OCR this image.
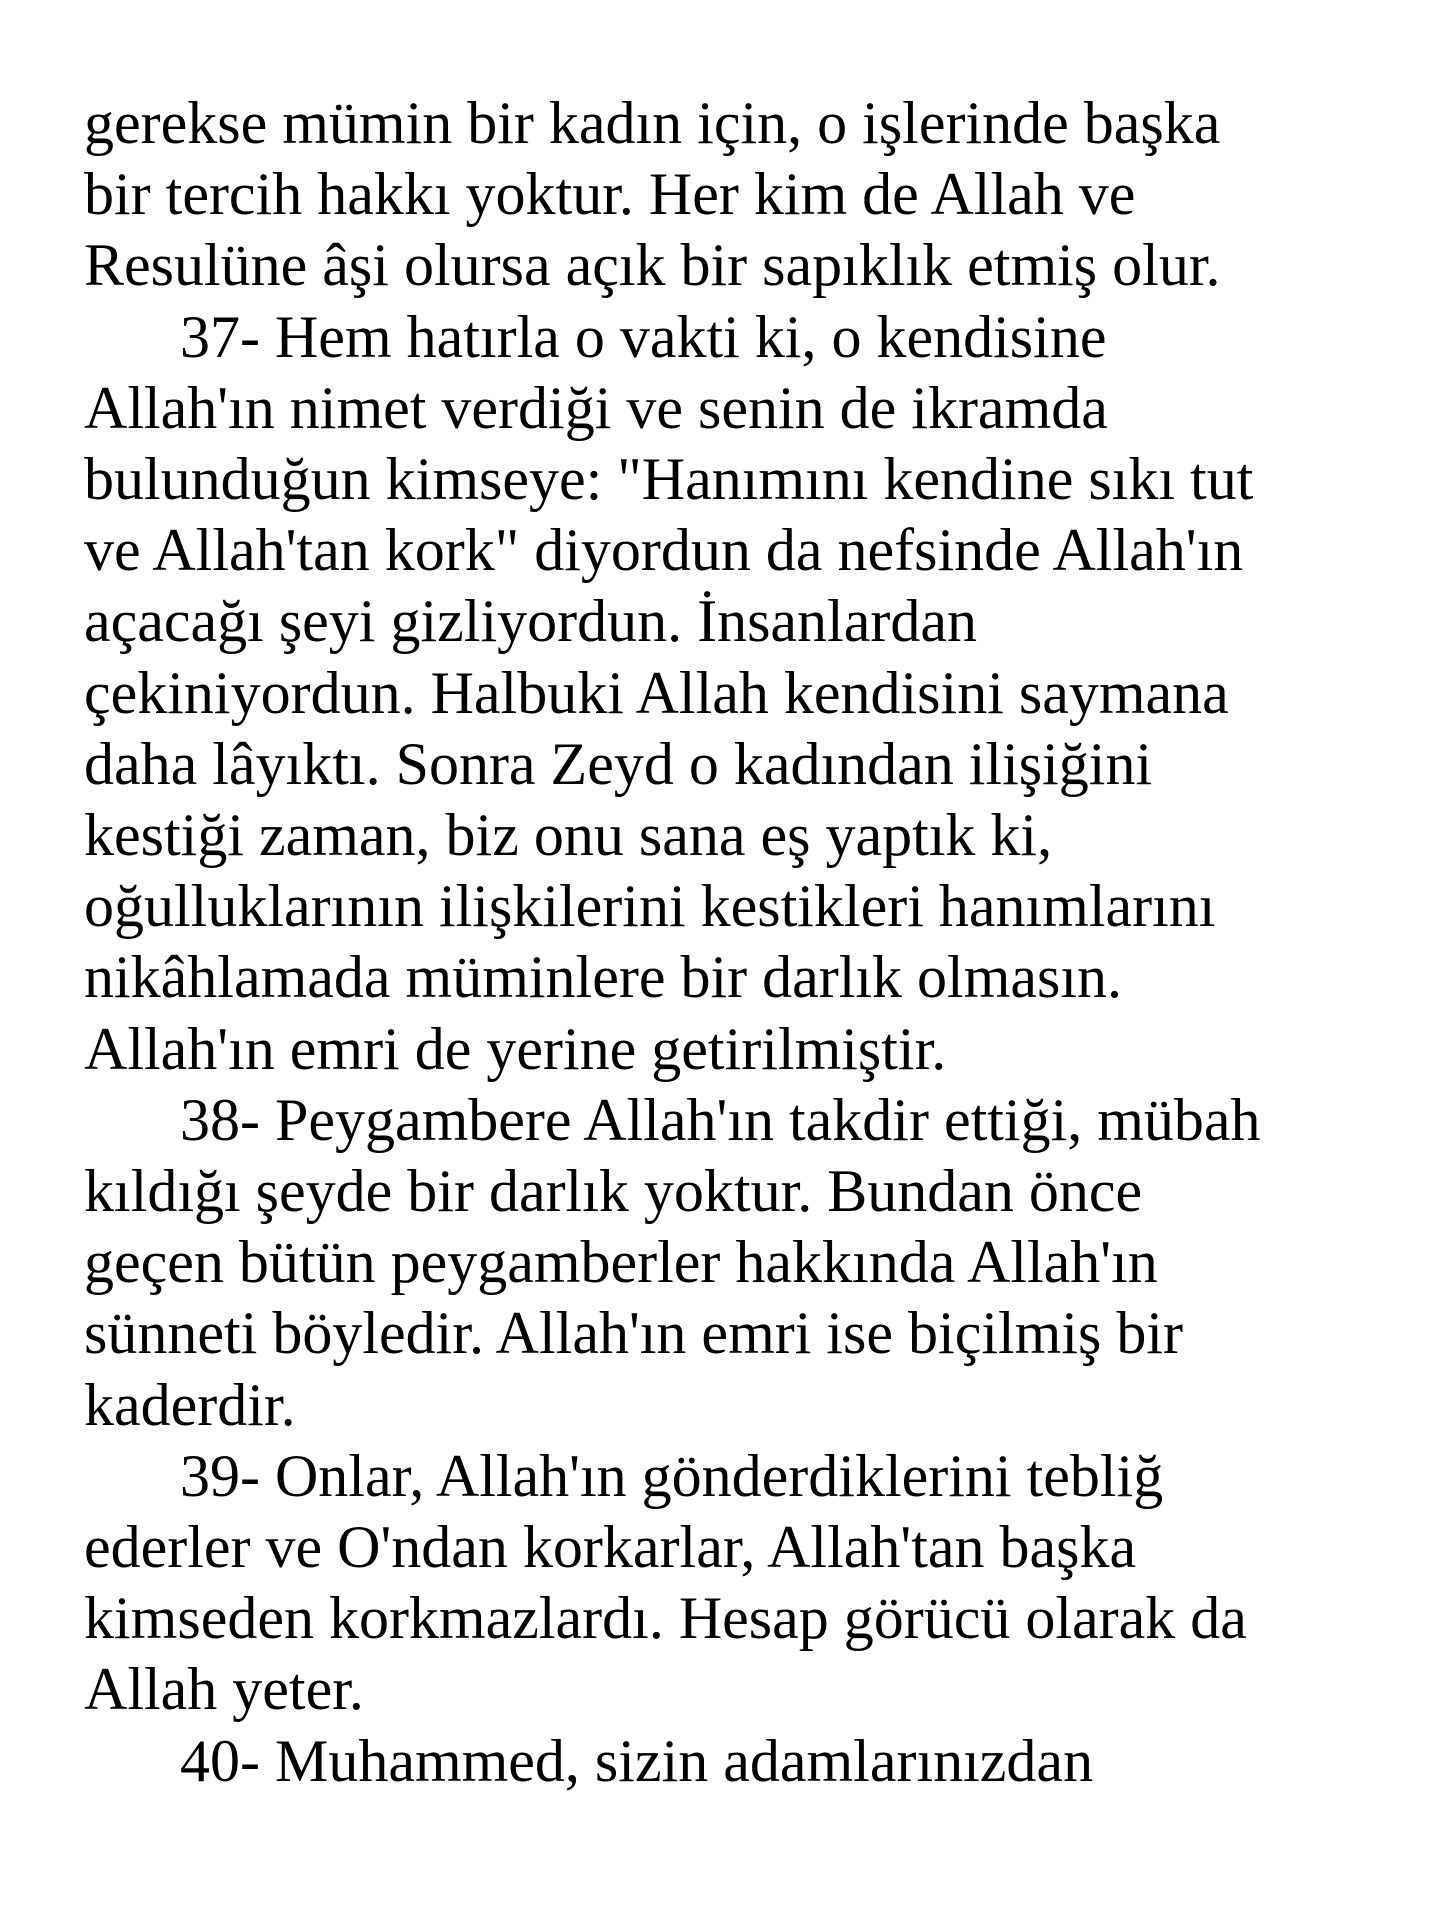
gerekse mümin bir kadın için, o işlerinde başka
bir tercih hakkı yoktur. Her kim de Allah ve
Resulüne âşi olursa açık bir sapıklık etmiş olur.
37- Hem hatırla o vakti ki, o kendisine
Allah'ın nimet verdiği ve senin de ikramda
bulunduğun kimseye: "Hanımını kendine sıkı tut
ve Allah'tan kork" diyordun da nefsinde Allah'ın
açacağı şeyi gizliyordun. İnsanlardan
çekiniyordun. Halbuki Allah kendisini saymana
daha lâyıktı. Sonra Zeyd o kadından ilişiğini
kestiği zaman, biz onu sana eş yaptık ki,
oğulluklarının ilişkilerini kestikleri hanımlarını
nikâhlamada müminlere bir darlık olmasın.
Allah'ın emri de yerine getirilmiştir.
38- Peygambere Allah'ın takdir ettiği, mübah
kıldığı şeyde bir darlık yoktur. Bundan önce
geçen bütün peygamberler hakkında Allah'ın
sünneti böyledir. Allah'ın emri ise biçilmiş bir
kaderdir.
39- Onlar, Allah'ın gönderdiklerini tebliğ
ederler ve O'ndan korkarlar, Allah'tan başka
kimseden korkmazlardı. Hesap görücü olarak da
Allah yeter.
40- Muhammed, sizin adamlarınızdan
